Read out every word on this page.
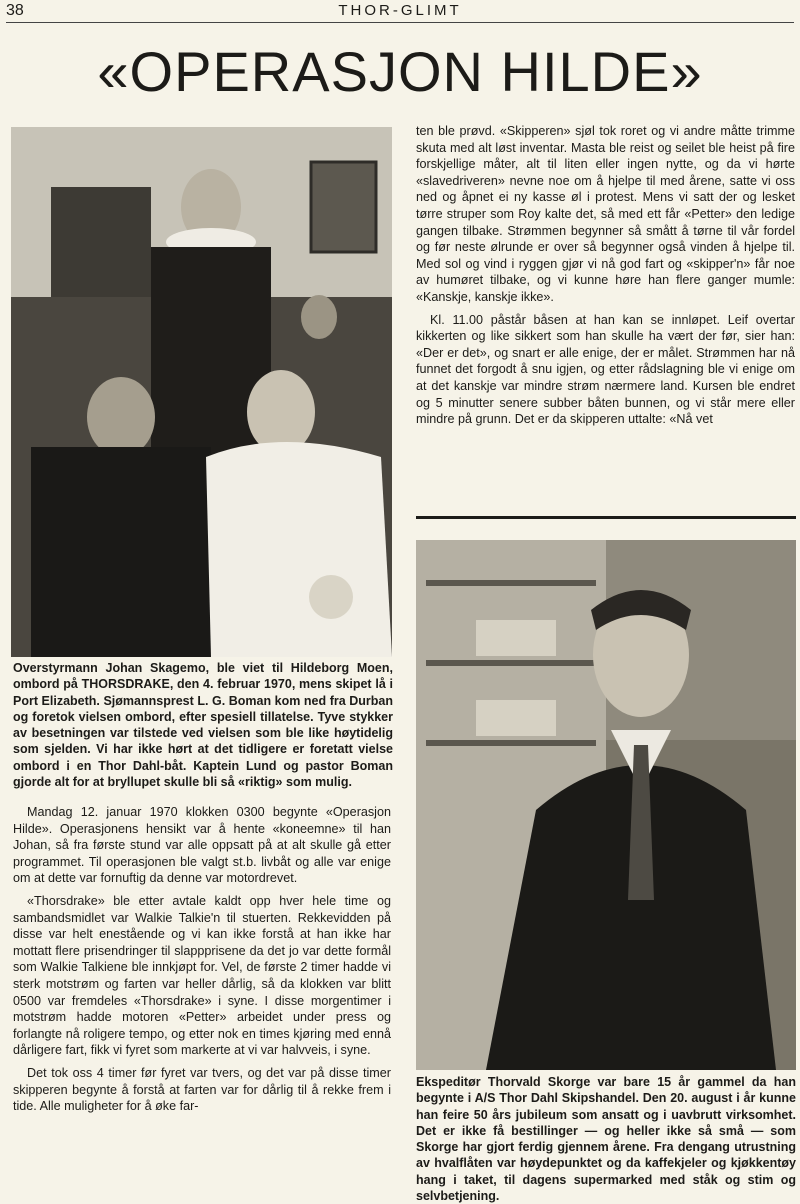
38	THOR-GLIMT
«OPERASJON HILDE»
Overstyrmann Johan Skagemo, ble viet til Hildeborg Moen, ombord på THORSDRAKE, den 4. februar 1970, mens skipet lå i Port Elizabeth. Sjømannsprest L. G. Boman kom ned fra Durban og foretok vielsen ombord, efter spesiell tillatelse. Tyve stykker av besetningen var tilstede ved vielsen som ble like høytidelig som sjelden. Vi har ikke hørt at det tidligere er foretatt vielse ombord i en Thor Dahl-båt. Kaptein Lund og pastor Boman gjorde alt for at bryllupet skulle bli så «riktig» som mulig.

Mandag 12. januar 1970 klokken 0300 begynte «Operasjon Hilde». Operasjonens hensikt var å hente «koneemne» til han Johan, så fra første stund var alle oppsatt på at alt skulle gå etter programmet. Til operasjonen ble valgt st.b. livbåt og alle var enige om at dette var fornuftig da denne var motordrevet.

«Thorsdrake» ble etter avtale kaldt opp hver hele time og sambandsmidlet var Walkie Talkie'n til stuerten. Rekkevidden på disse var helt enestående og vi kan ikke forstå at han ikke har mottatt flere prisendringer til slappprisene da det jo var dette formål som Walkie Talkiene ble innkjøpt for. Vel, de første 2 timer hadde vi sterk motstrøm og farten var heller dårlig, så da klokken var blitt 0500 var fremdeles «Thorsdrake» i syne. I disse morgentimer i motstrøm hadde motoren «Petter» arbeidet under press og forlangte nå roligere tempo, og etter nok en times kjøring med ennå dårligere fart, fikk vi fyret som markerte at vi var halvveis, i syne.

Det tok oss 4 timer før fyret var tvers, og det var på disse timer skipperen begynte å forstå at farten var for dårlig til å rekke frem i tide. Alle muligheter for å øke far-

ten ble prøvd. «Skipperen» sjøl tok roret og vi andre måtte trimme skuta med alt løst inventar. Masta ble reist og seilet ble heist på fire forskjellige måter, alt til liten eller ingen nytte, og da vi hørte «slavedriveren» nevne noe om å hjelpe til med årene, satte vi oss ned og åpnet ei ny kasse øl i protest. Mens vi satt der og lesket tørre struper som Roy kalte det, så med ett får «Petter» den ledige gangen tilbake. Strømmen begynner så smått å tørne til vår fordel og før neste ølrunde er over så begynner også vinden å hjelpe til. Med sol og vind i ryggen gjør vi nå god fart og «skipper'n» får noe av humøret tilbake, og vi kunne høre han flere ganger mumle: «Kanskje, kanskje ikke».

Kl. 11.00 påstår båsen at han kan se innløpet. Leif overtar kikkerten og like sikkert som han skulle ha vært der før, sier han: «Der er det», og snart er alle enige, der er målet. Strømmen har nå funnet det forgodt å snu igjen, og etter rådslagning ble vi enige om at det kanskje var mindre strøm nærmere land. Kursen ble endret og 5 minutter senere subber båten bunnen, og vi står mere eller mindre på grunn. Det er da skipperen uttalte: «Nå vet

Ekspeditør Thorvald Skorge var bare 15 år gammel da han begynte i A/S Thor Dahl Skipshandel. Den 20. august i år kunne han feire 50 års jubileum som ansatt og i uavbrutt virksomhet. Det er ikke få bestillinger — og heller ikke så små — som Skorge har gjort ferdig gjennem årene. Fra dengang utrustning av hvalflåten var høydepunktet og da kaffekjeler og kjøkkentøy hang i taket, til dagens supermarked med ståk og stim og selvbetjening.
